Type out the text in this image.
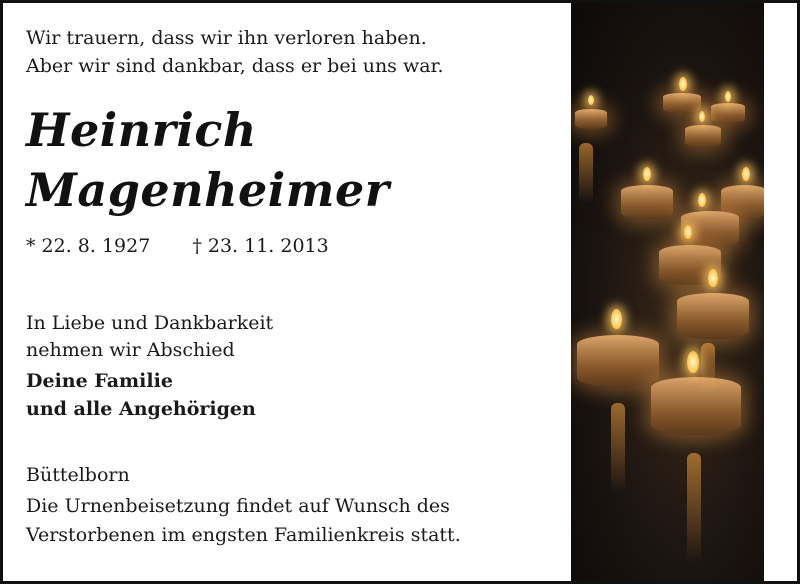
Wir trauern, dass wir ihn verloren haben.
Aber wir sind dankbar, dass er bei uns war.
Heinrich
Magenheimer
* 22. 8. 1927 † 23. 11. 2013
In Liebe und Dankbarkeit
nehmen wir Abschied
Deine Familie
und alle Angehörigen
Büttelborn
Die Urnenbeisetzung findet auf Wunsch des
Verstorbenen im engsten Familienkreis statt.
